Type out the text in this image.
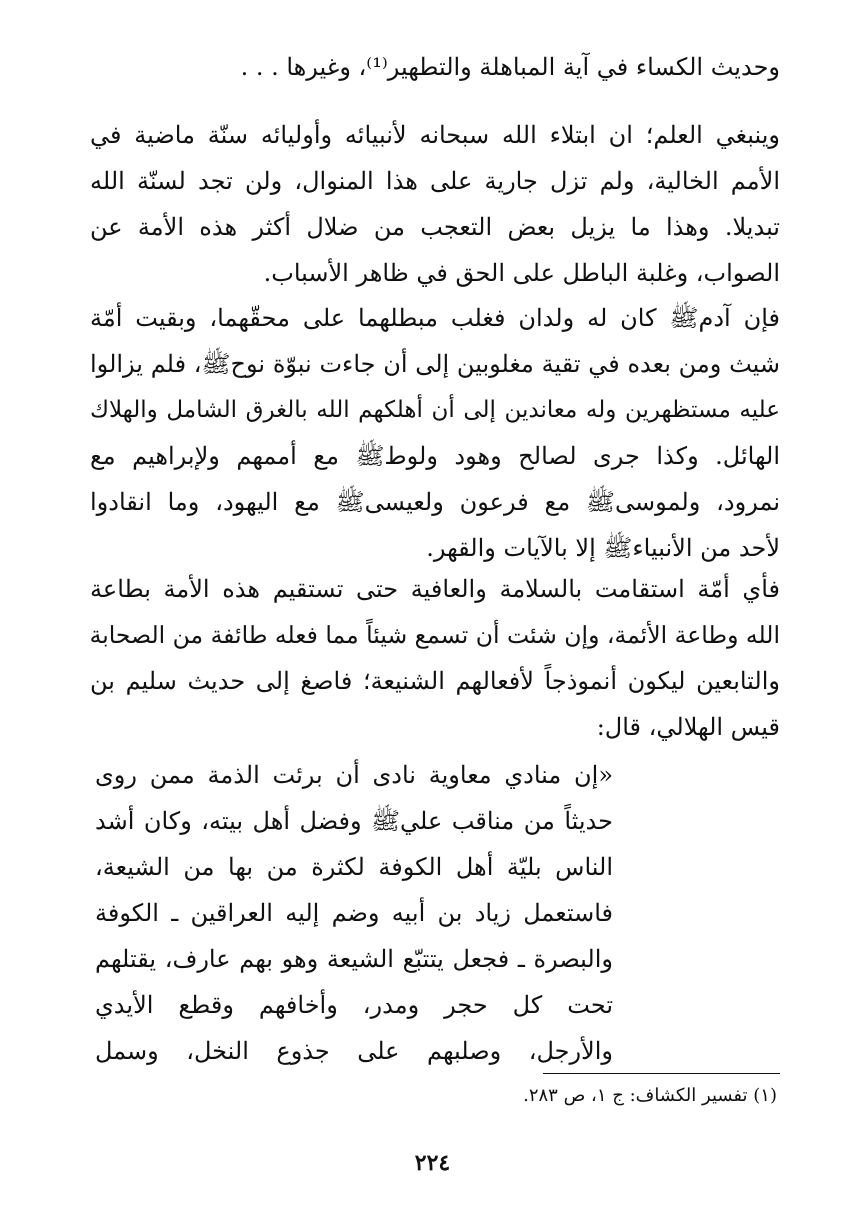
وحديث الكساء في آية المباهلة والتطهير⁽¹⁾، وغيرها . . .
وينبغي العلم؛ ان ابتلاء الله سبحانه لأنبيائه وأوليائه سنّة ماضية في
الأمم الخالية، ولم تزل جارية على هذا المنوال، ولن تجد لسنّة الله
تبديلا. وهذا ما يزيل بعض التعجب من ضلال أكثر هذه الأمة عن
الصواب، وغلبة الباطل على الحق في ظاهر الأسباب.
فإن آدمﷺ كان له ولدان فغلب مبطلهما على محقّهما، وبقيت أمّة
شيث ومن بعده في تقية مغلوبين إلى أن جاءت نبوّة نوحﷺ، فلم يزالوا
عليه مستظهرين وله معاندين إلى أن أهلكهم الله بالغرق الشامل والهلاك
الهائل. وكذا جرى لصالح وهود ولوطﷺ مع أممهم ولإبراهيم مع
نمرود، ولموسىﷺ مع فرعون ولعيسىﷺ مع اليهود، وما انقادوا
لأحد من الأنبياءﷺ إلا بالآيات والقهر.
فأي أمّة استقامت بالسلامة والعافية حتى تستقيم هذه الأمة بطاعة
الله وطاعة الأئمة، وإن شئت أن تسمع شيئاً مما فعله طائفة من الصحابة
والتابعين ليكون أنموذجاً لأفعالهم الشنيعة؛ فاصغ إلى حديث سليم بن
قيس الهلالي، قال:
«إن منادي معاوية نادى أن برئت الذمة ممن روى
حديثاً من مناقب عليﷺ وفضل أهل بيته، وكان أشد
الناس بليّة أهل الكوفة لكثرة من بها من الشيعة،
فاستعمل زياد بن أبيه وضم إليه العراقين ـ الكوفة
والبصرة ـ فجعل يتتبّع الشيعة وهو بهم عارف، يقتلهم
تحت كل حجر ومدر، وأخافهم وقطع الأيدي
والأرجل، وصلبهم على جذوع النخل، وسمل
(١) تفسير الكشاف: ج ١، ص ٢٨٣.
٢٢٤
